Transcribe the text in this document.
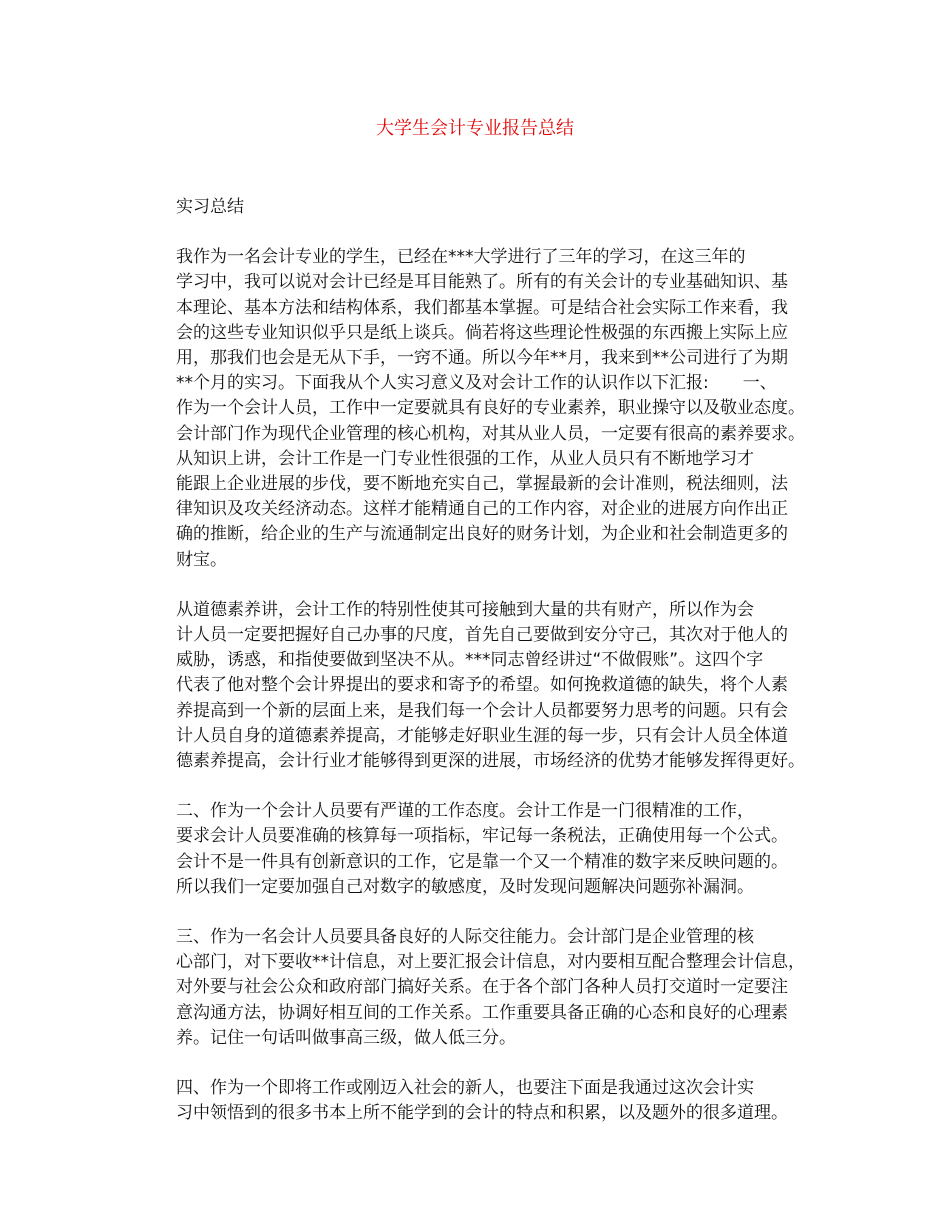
大学生会计专业报告总结

实习总结

我作为一名会计专业的学生，已经在***大学进行了三年的学习，在这三年的
学习中，我可以说对会计已经是耳目能熟了。所有的有关会计的专业基础知识、基
本理论、基本方法和结构体系，我们都基本掌握。可是结合社会实际工作来看，我
会的这些专业知识似乎只是纸上谈兵。倘若将这些理论性极强的东西搬上实际上应
用，那我们也会是无从下手，一窍不通。所以今年**月，我来到**公司进行了为期
**个月的实习。下面我从个人实习意义及对会计工作的认识作以下汇报:　　一、
作为一个会计人员，工作中一定要就具有良好的专业素养，职业操守以及敬业态度。
会计部门作为现代企业管理的核心机构，对其从业人员，一定要有很高的素养要求。

从知识上讲，会计工作是一门专业性很强的工作，从业人员只有不断地学习才
能跟上企业进展的步伐，要不断地充实自己，掌握最新的会计准则，税法细则，法
律知识及攻关经济动态。这样才能精通自己的工作内容，对企业的进展方向作出正
确的推断，给企业的生产与流通制定出良好的财务计划，为企业和社会制造更多的
财宝。

从道德素养讲，会计工作的特别性使其可接触到大量的共有财产，所以作为会
计人员一定要把握好自己办事的尺度，首先自己要做到安分守己，其次对于他人的
威胁，诱惑，和指使要做到坚决不从。***同志曾经讲过“不做假账”。这四个字
代表了他对整个会计界提出的要求和寄予的希望。如何挽救道德的缺失，将个人素
养提高到一个新的层面上来，是我们每一个会计人员都要努力思考的问题。只有会
计人员自身的道德素养提高，才能够走好职业生涯的每一步，只有会计人员全体道
德素养提高，会计行业才能够得到更深的进展，市场经济的优势才能够发挥得更好。

二、作为一个会计人员要有严谨的工作态度。会计工作是一门很精准的工作，
要求会计人员要准确的核算每一项指标，牢记每一条税法，正确使用每一个公式。
会计不是一件具有创新意识的工作，它是靠一个又一个精准的数字来反映问题的。
所以我们一定要加强自己对数字的敏感度，及时发现问题解决问题弥补漏洞。

三、作为一名会计人员要具备良好的人际交往能力。会计部门是企业管理的核
心部门，对下要收**计信息，对上要汇报会计信息，对内要相互配合整理会计信息，
对外要与社会公众和政府部门搞好关系。在于各个部门各种人员打交道时一定要注
意沟通方法，协调好相互间的工作关系。工作重要具备正确的心态和良好的心理素
养。记住一句话叫做事高三级，做人低三分。

四、作为一个即将工作或刚迈入社会的新人，也要注下面是我通过这次会计实
习中领悟到的很多书本上所不能学到的会计的特点和积累，以及题外的很多道理。
